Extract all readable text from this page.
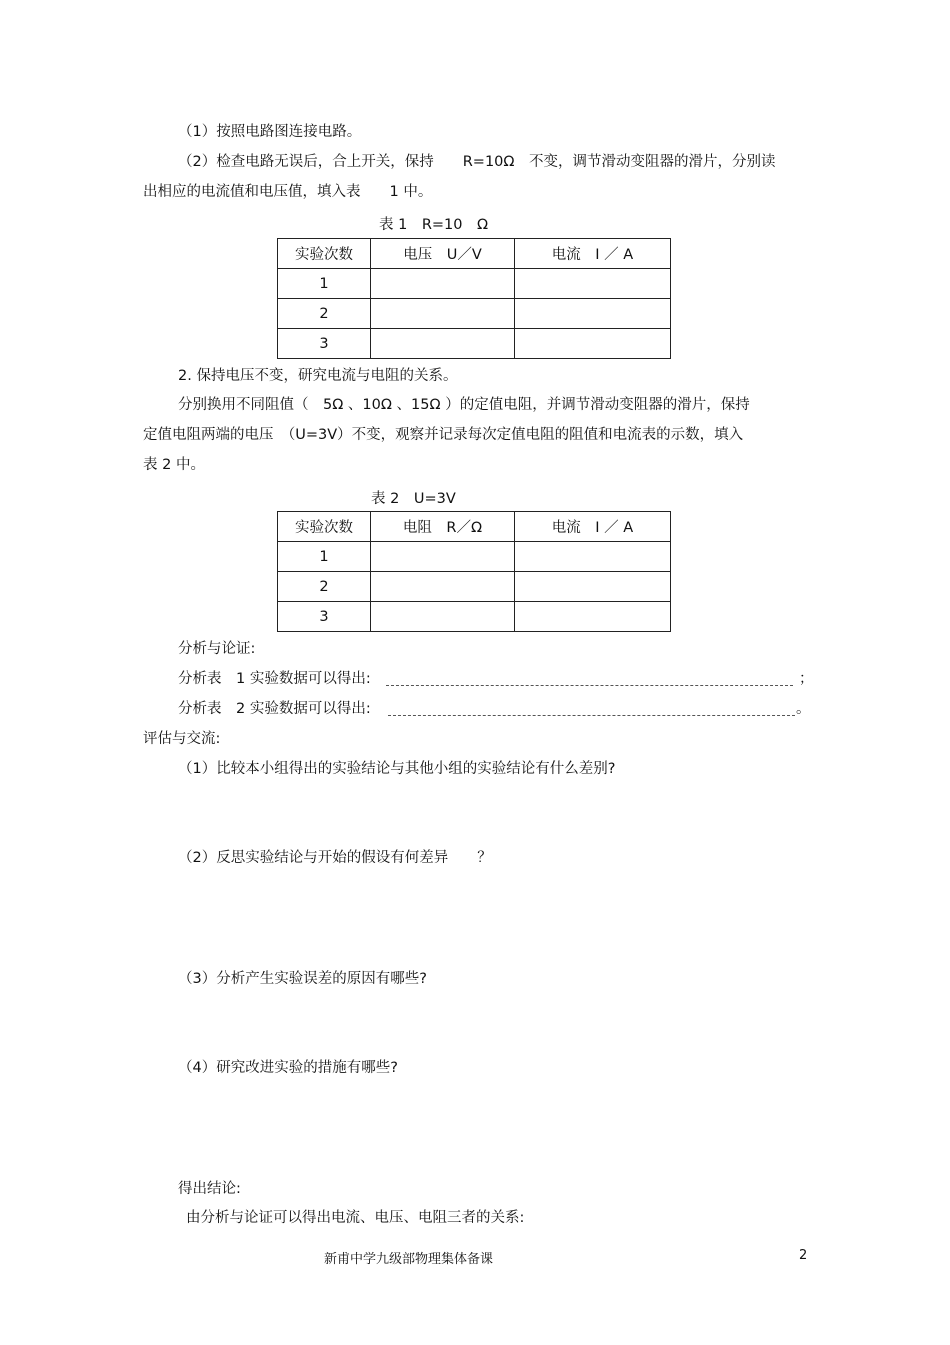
（1）按照电路图连接电路。
（2）检查电路无误后，合上开关，保持　　R=10Ω　不变，调节滑动变阻器的滑片，分别读
出相应的电流值和电压值，填入表　　1 中。
表 1　R=10　Ω
实验次数	电压　U／V	电流　I ／ A
1		
2		
3		
2. 保持电压不变，研究电流与电阻的关系。
分别换用不同阻值（　5Ω 、10Ω 、15Ω ）的定值电阻，并调节滑动变阻器的滑片，保持
定值电阻两端的电压　（U=3V）不变，观察并记录每次定值电阻的阻值和电流表的示数，填入
表 2 中。
表 2　U=3V
实验次数	电阻　R／Ω	电流　I ／ A
1		
2		
3		
分析与论证:
分析表　1 实验数据可以得出:	；
分析表　2 实验数据可以得出:	。
评估与交流:
（1）比较本小组得出的实验结论与其他小组的实验结论有什么差别?
（2）反思实验结论与开始的假设有何差异　　？
（3）分析产生实验误差的原因有哪些?
（4）研究改进实验的措施有哪些?
得出结论:
由分析与论证可以得出电流、电压、电阻三者的关系:
新甫中学九级部物理集体备课	2
